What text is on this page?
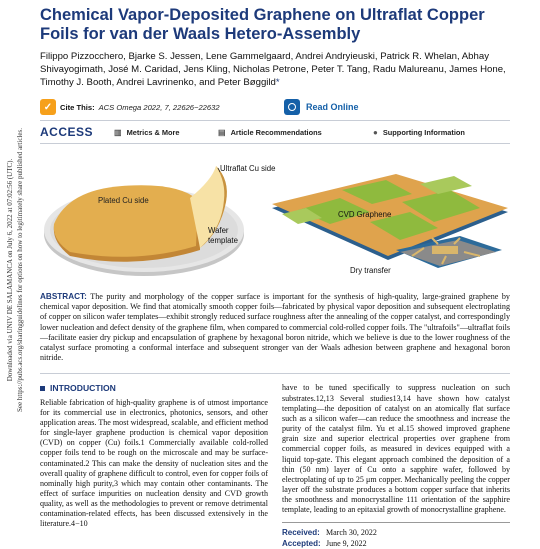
Downloaded via UNIV DE SALAMANCA on July 6, 2022 at 07:02:56 (UTC). See https://pubs.acs.org/sharingguidelines for options on how to legitimately share published articles.
Chemical Vapor-Deposited Graphene on Ultraflat Copper Foils for van der Waals Hetero-Assembly

Filippo Pizzocchero, Bjarke S. Jessen, Lene Gammelgaard, Andrei Andryieuski, Patrick R. Whelan, Abhay Shivayogimath, José M. Caridad, Jens Kling, Nicholas Petrone, Peter T. Tang, Radu Malureanu, James Hone, Timothy J. Booth, Andrei Lavrinenko, and Peter Bøggild*

✓	Cite This: ACS Omega 2022, 7, 22626−22632	Read Online
ACCESS	▥ Metrics & More	▤ Article Recommendations	● Supporting Information
Plated Cu side
Ultraflat Cu side
Wafer template
CVD Graphene
Dry transfer

ABSTRACT: The purity and morphology of the copper surface is important for the synthesis of high-quality, large-grained graphene by chemical vapor deposition. We find that atomically smooth copper foils—fabricated by physical vapor deposition and subsequent electroplating of copper on silicon wafer templates—exhibit strongly reduced surface roughness after the annealing of the copper catalyst, and correspondingly lower nucleation and defect density of the graphene film, when compared to commercial cold-rolled copper foils. The "ultrafoils"—ultraflat foils—facilitate easier dry pickup and encapsulation of graphene by hexagonal boron nitride, which we believe is due to the lower roughness of the catalyst surface promoting a conformal interface and subsequent stronger van der Waals adhesion between graphene and hexagonal boron nitride.

INTRODUCTION

Reliable fabrication of high-quality graphene is of utmost importance for its commercial use in electronics, photonics, sensors, and other application areas. The most widespread, scalable, and efficient method for single-layer graphene production is chemical vapor deposition (CVD) on copper (Cu) foils.1 Commercially available cold-rolled copper foils tend to be rough on the microscale and may be surface-contaminated.2 This can make the density of nucleation sites and the overall quality of graphene difficult to control, even for copper foils of nominally high purity,3 which may contain other contaminants. The effect of surface impurities on nucleation density and CVD growth quality, as well as the methodologies to prevent or remove detrimental contamination-related effects, has been discussed extensively in the literature.4−10

have to be tuned specifically to suppress nucleation on such substrates.12,13 Several studies13,14 have shown how catalyst templating—the deposition of catalyst on an atomically flat surface such as a silicon wafer—can reduce the smoothness and increase the purity of the catalyst film. Yu et al.15 showed improved graphene grain size and superior electrical properties over graphene from commercial copper foils, as measured in devices equipped with a liquid top-gate. This elegant approach combined the deposition of a thin (50 nm) layer of Cu onto a sapphire wafer, followed by electroplating of up to 25 μm copper. Mechanically peeling the copper layer off the substrate produces a bottom copper surface that inherits the smoothness and monocrystalline 111 orientation of the sapphire template, leading to an epitaxial growth of monocrystalline graphene.

Received: March 30, 2022
Accepted: June 9, 2022
